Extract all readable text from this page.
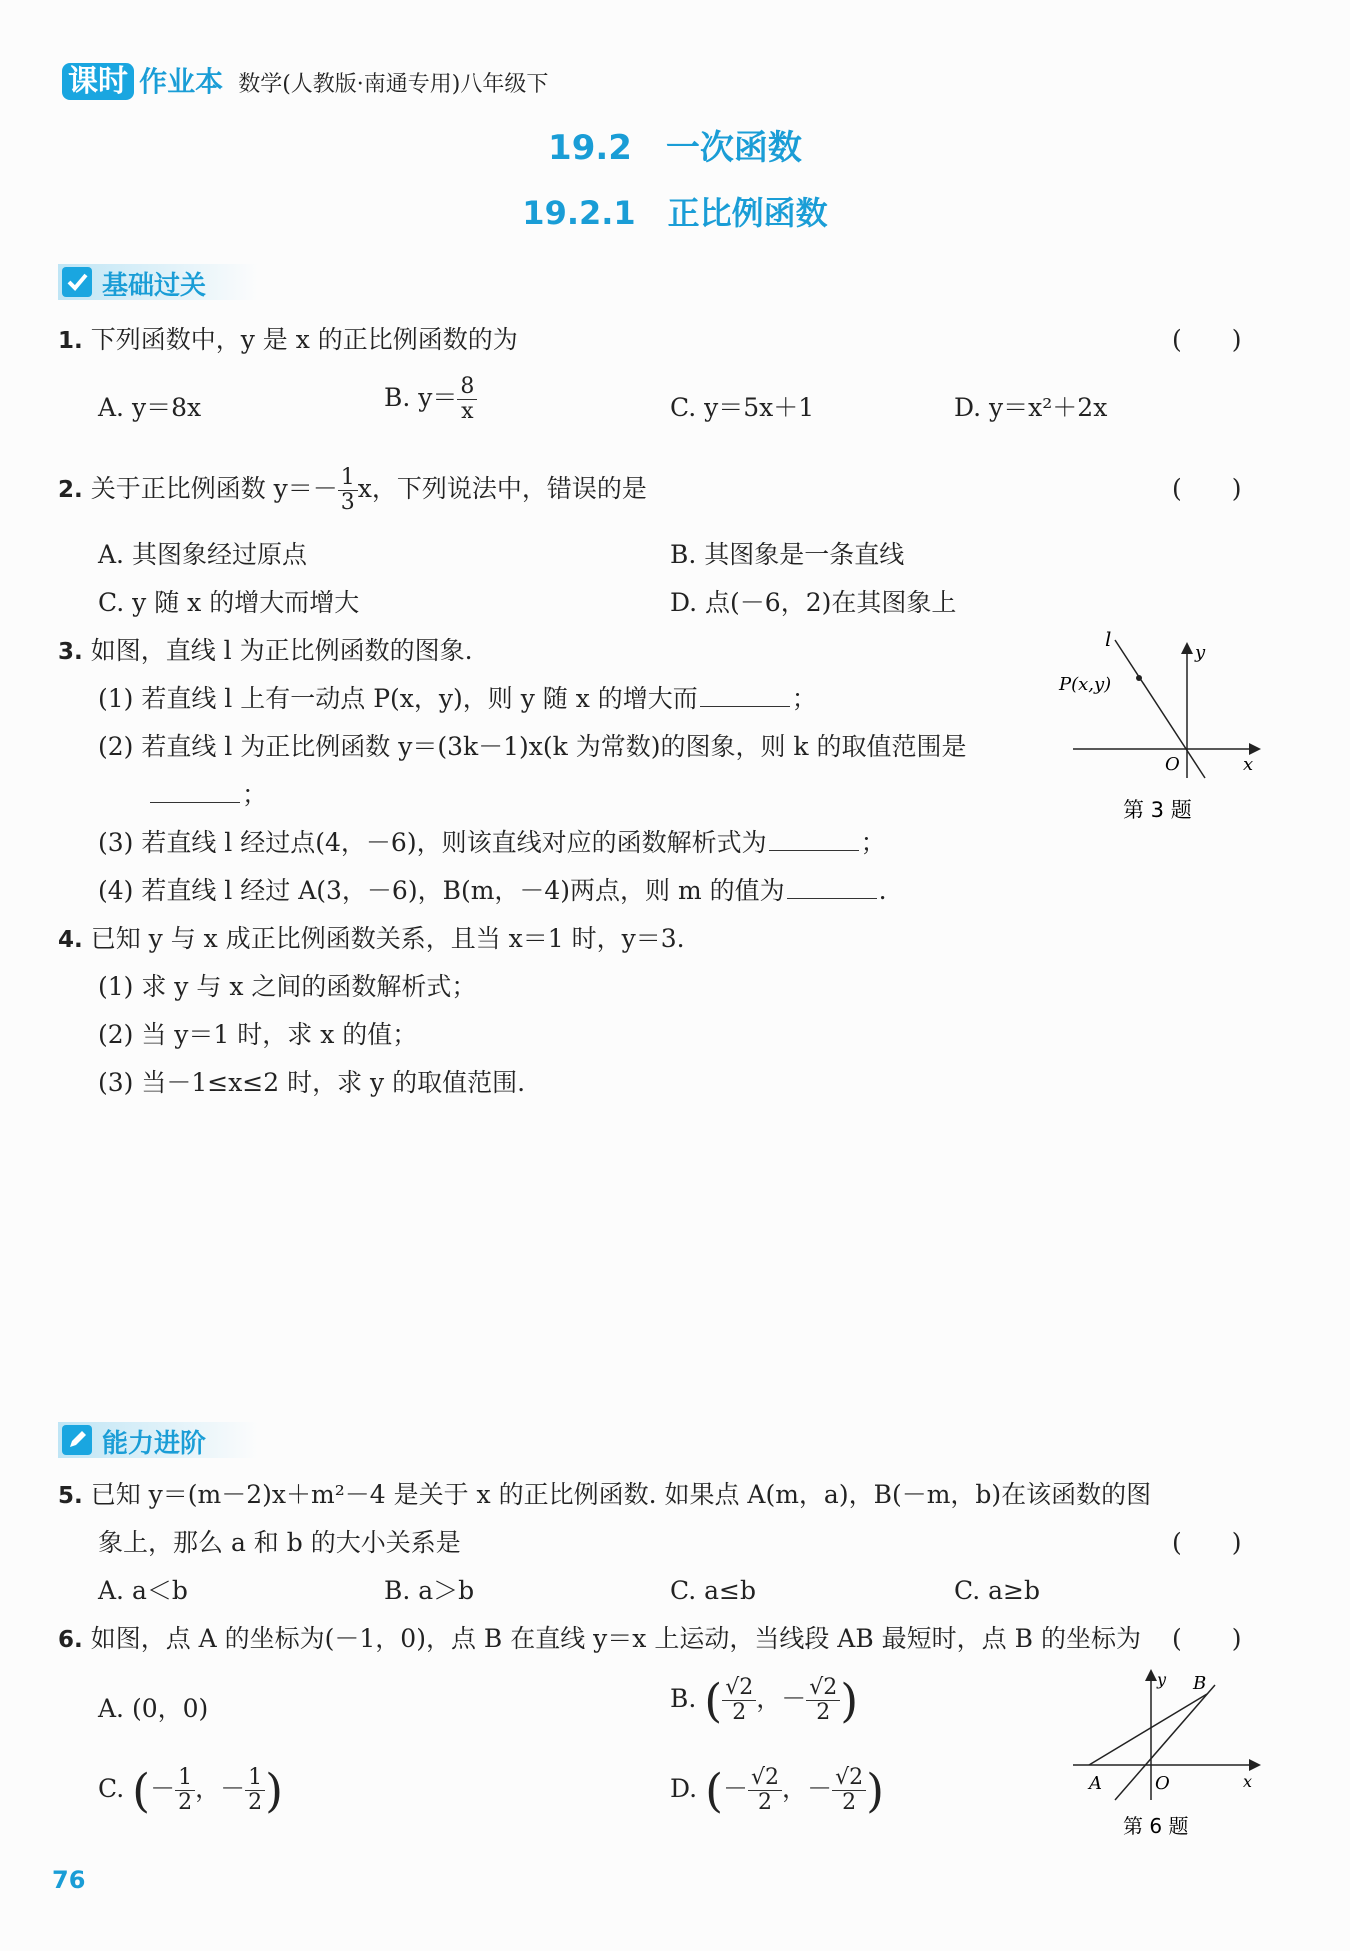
课时 作业本 数学(人教版·南通专用)八年级下
19.2　一次函数
19.2.1　正比例函数
基础过关
1. 下列函数中，y 是 x 的正比例函数的为	(　　)
A. y＝8x	B. $y= \frac{8}{x}$	C. y＝5x＋1	D. y＝x²＋2x
2. 关于正比例函数 $y=- \frac{1}{3}$ x，下列说法中，错误的是	(　　)
A. 其图象经过原点	B. 其图象是一条直线
C. y 随 x 的增大而增大	D. 点(－6，2)在其图象上
3. 如图，直线 l 为正比例函数的图象.
(1) 若直线 l 上有一动点 P(x，y)，则 y 随 x 的增大而	；
(2) 若直线 l 为正比例函数 y＝(3k－1)x(k 为常数)的图象，则 k 的取值范围是
；
(3) 若直线 l 经过点(4，－6)，则该直线对应的函数解析式为	；
(4) 若直线 l 经过 A(3，－6)，B(m，－4)两点，则 m 的值为	.
l
y
x
O
P(x,y)
第 3 题
4. 已知 y 与 x 成正比例函数关系，且当 x＝1 时，y＝3.
(1) 求 y 与 x 之间的函数解析式；
(2) 当 y＝1 时，求 x 的值；
(3) 当－1≤x≤2 时，求 y 的取值范围.
能力进阶
5. 已知 y＝(m－2)x＋m²－4 是关于 x 的正比例函数. 如果点 A(m，a)，B(－m，b)在该函数的图
象上，那么 a 和 b 的大小关系是	(　　)
A. a＜b	B. a＞b	C. a≤b	C. a≥b
6. 如图，点 A 的坐标为(－1，0)，点 B 在直线 y＝x 上运动，当线段 AB 最短时，点 B 的坐标为 (　　)
A. (0，0)	B. ( $\frac{√2}{2}$ ，－ $\frac{√2}{2}$ )
C. (－ $\frac{1}{2}$ ，－ $\frac{1}{2}$ )	D. (－ $\frac{√2}{2}$ ，－ $\frac{√2}{2}$ )	A	O
y
x
B
第 6 题
76
